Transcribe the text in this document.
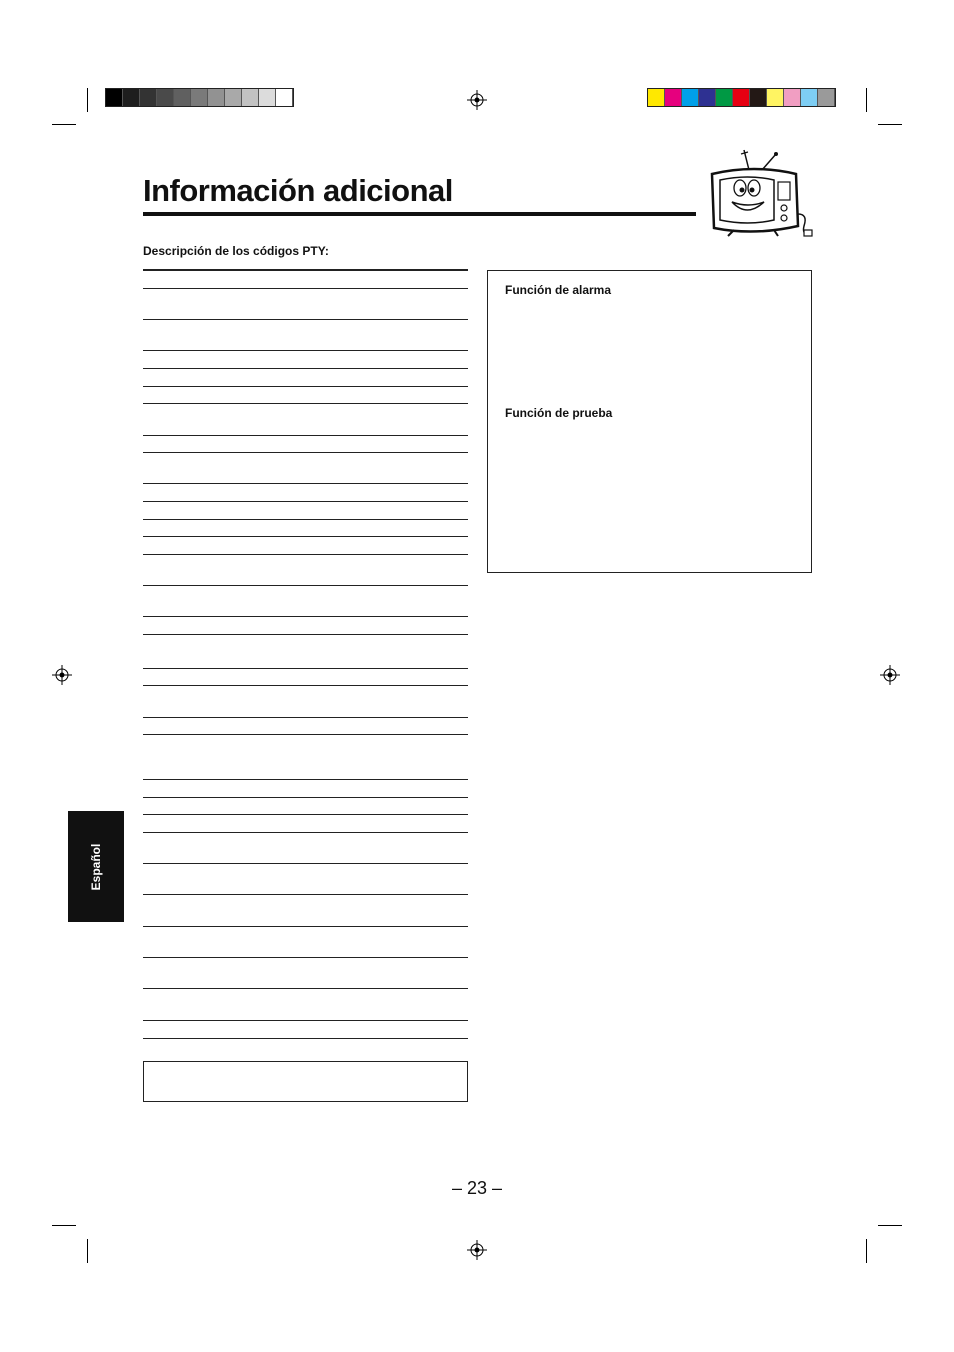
Información adicional
Descripción de los códigos PTY:
Función de alarma
Función de prueba
Español
– 23 –
